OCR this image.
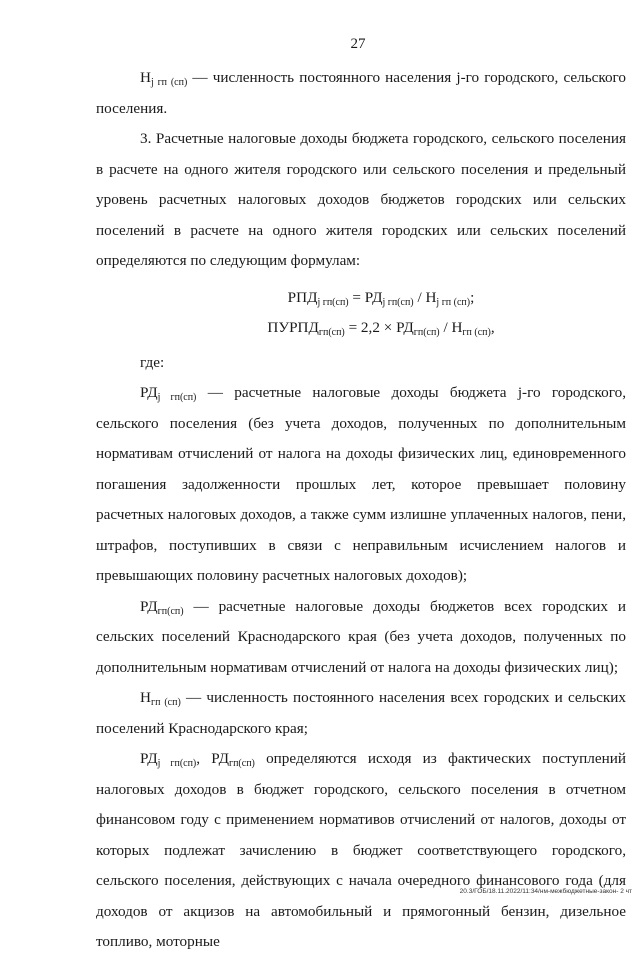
27

$Н_{j гп (сп)}$ — численность постоянного населения j-го городского, сельского поселения.

3. Расчетные налоговые доходы бюджета городского, сельского поселения в расчете на одного жителя городского или сельского поселения и предельный уровень расчетных налоговых доходов бюджетов городских или сельских поселений в расчете на одного жителя городских или сельских поселений определяются по следующим формулам:

$РПД_{j гп(сп)} = РД_{j гп(сп)} / Н_{j гп (сп)}$;

$ПУРПД_{гп(сп)} = 2,2 \times РД_{гп(сп)} / Н_{гп (сп)}$,

где:

$РД_{j гп(сп)}$ — расчетные налоговые доходы бюджета j-го городского, сельского поселения (без учета доходов, полученных по дополнительным нормативам отчислений от налога на доходы физических лиц, единовременного погашения задолженности прошлых лет, которое превышает половину расчетных налоговых доходов, а также сумм излишне уплаченных налогов, пени, штрафов, поступивших в связи с неправильным исчислением налогов и превышающих половину расчетных налоговых доходов);

$РД_{гп(сп)}$ — расчетные налоговые доходы бюджетов всех городских и сельских поселений Краснодарского края (без учета доходов, полученных по дополнительным нормативам отчислений от налога на доходы физических лиц);

$Н_{гп (сп)}$ — численность постоянного населения всех городских и сельских поселений Краснодарского края;

$РД_{j гп(сп)}$, $РД_{гп(сп)}$ определяются исходя из фактических поступлений налоговых доходов в бюджет городского, сельского поселения в отчетном финансовом году с применением нормативов отчислений от налогов, доходы от которых подлежат зачислению в бюджет соответствующего городского, сельского поселения, действующих с начала очередного финансового года (для доходов от акцизов на автомобильный и прямогонный бензин, дизельное топливо, моторные

20.3/ГОБ/18.11.2022/11:34/нм-межбюджетные-закон- 2 чт
